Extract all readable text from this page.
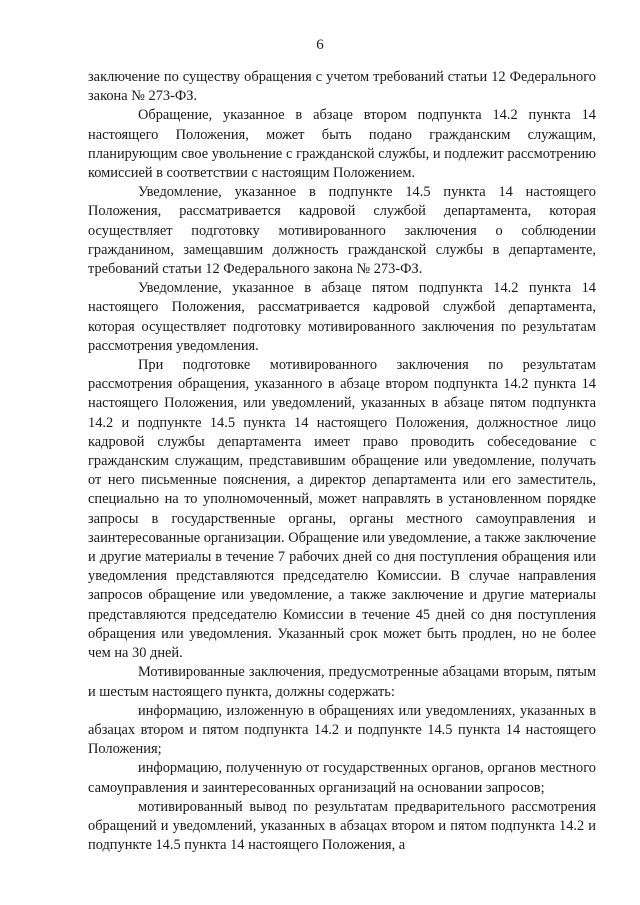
6

заключение по существу обращения с учетом требований статьи 12 Федерального закона № 273-ФЗ.

Обращение, указанное в абзаце втором подпункта 14.2 пункта 14 настоящего Положения, может быть подано гражданским служащим, планирующим свое увольнение с гражданской службы, и подлежит рассмотрению комиссией в соответствии с настоящим Положением.

Уведомление, указанное в подпункте 14.5 пункта 14 настоящего Положения, рассматривается кадровой службой департамента, которая осуществляет подготовку мотивированного заключения о соблюдении гражданином, замещавшим должность гражданской службы в департаменте, требований статьи 12 Федерального закона № 273-ФЗ.

Уведомление, указанное в абзаце пятом подпункта 14.2 пункта 14 настоящего Положения, рассматривается кадровой службой департамента, которая осуществляет подготовку мотивированного заключения по результатам рассмотрения уведомления.

При подготовке мотивированного заключения по результатам рассмотрения обращения, указанного в абзаце втором подпункта 14.2 пункта 14 настоящего Положения, или уведомлений, указанных в абзаце пятом подпункта 14.2 и подпункте 14.5 пункта 14 настоящего Положения, должностное лицо кадровой службы департамента имеет право проводить собеседование с гражданским служащим, представившим обращение или уведомление, получать от него письменные пояснения, а директор департамента или его заместитель, специально на то уполномоченный, может направлять в установленном порядке запросы в государственные органы, органы местного самоуправления и заинтересованные организации. Обращение или уведомление, а также заключение и другие материалы в течение 7 рабочих дней со дня поступления обращения или уведомления представляются председателю Комиссии. В случае направления запросов обращение или уведомление, а также заключение и другие материалы представляются председателю Комиссии в течение 45 дней со дня поступления обращения или уведомления. Указанный срок может быть продлен, но не более чем на 30 дней.

Мотивированные заключения, предусмотренные абзацами вторым, пятым и шестым настоящего пункта, должны содержать:

информацию, изложенную в обращениях или уведомлениях, указанных в абзацах втором и пятом подпункта 14.2 и подпункте 14.5 пункта 14 настоящего Положения;

информацию, полученную от государственных органов, органов местного самоуправления и заинтересованных организаций на основании запросов;

мотивированный вывод по результатам предварительного рассмотрения обращений и уведомлений, указанных в абзацах втором и пятом подпункта 14.2 и подпункте 14.5 пункта 14 настоящего Положения, а
